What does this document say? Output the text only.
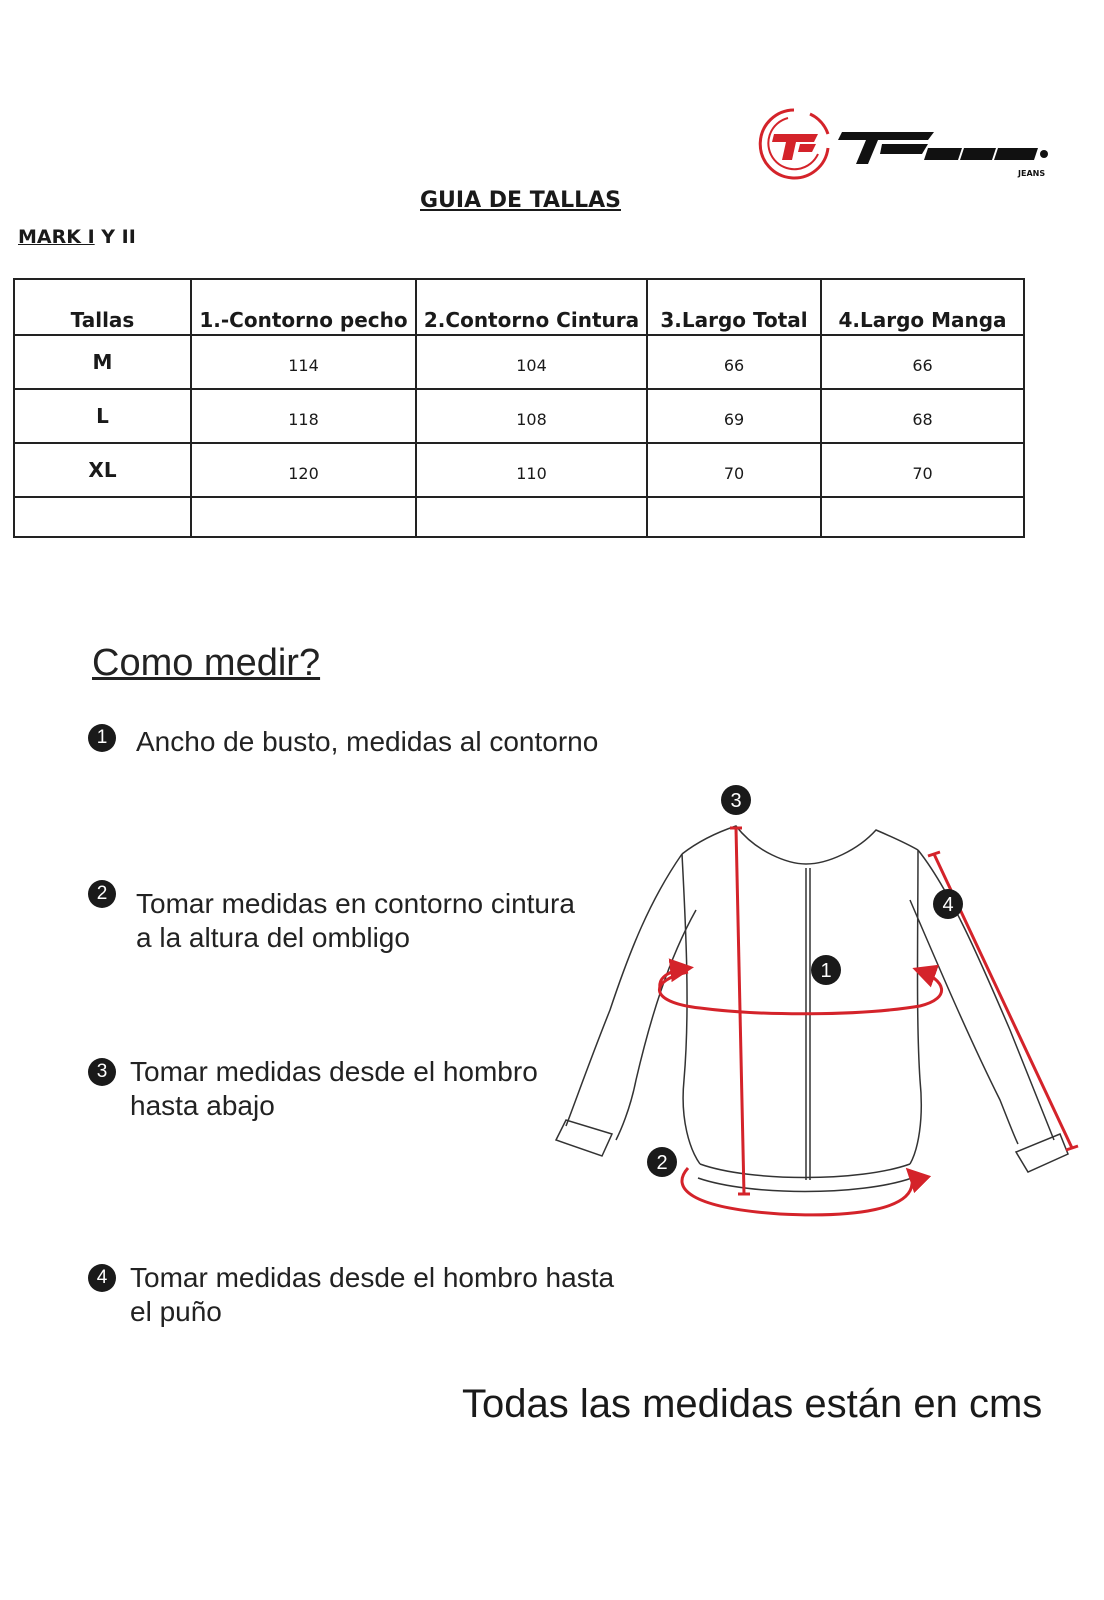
JEANS
GUIA DE TALLAS
MARK I Y II
Tallas	1.-Contorno pecho	2.Contorno Cintura	3.Largo Total	4.Largo Manga
M	114	104	66	66
L	118	108	69	68
XL	120	110	70	70

Como medir?
1	Ancho de busto, medidas al contorno
2	Tomar medidas en contorno cintura
a la altura del ombligo
3 Tomar medidas desde el hombro
hasta abajo
4 Tomar medidas desde el hombro hasta
el puño
3
4
1
2
Todas las medidas están en cms
